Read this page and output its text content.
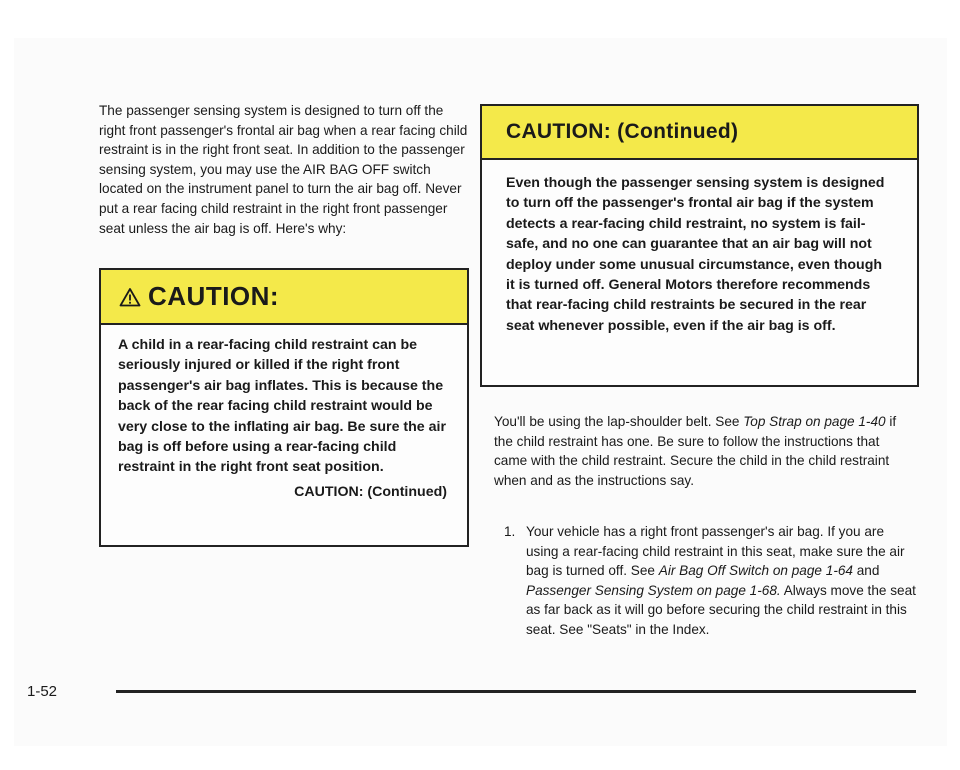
The passenger sensing system is designed to turn off the right front passenger's frontal air bag when a rear facing child restraint is in the right front seat. In addition to the passenger sensing system, you may use the AIR BAG OFF switch located on the instrument panel to turn the air bag off. Never put a rear facing child restraint in the right front passenger seat unless the air bag is off. Here's why:

CAUTION:

A child in a rear-facing child restraint can be seriously injured or killed if the right front passenger's air bag inflates. This is because the back of the rear facing child restraint would be very close to the inflating air bag. Be sure the air bag is off before using a rear-facing child restraint in the right front seat position.

CAUTION: (Continued)

CAUTION: (Continued)

Even though the passenger sensing system is designed to turn off the passenger's frontal air bag if the system detects a rear-facing child restraint, no system is fail-safe, and no one can guarantee that an air bag will not deploy under some unusual circumstance, even though it is turned off. General Motors therefore recommends that rear-facing child restraints be secured in the rear seat whenever possible, even if the air bag is off.

You'll be using the lap-shoulder belt. See Top Strap on page 1-40 if the child restraint has one. Be sure to follow the instructions that came with the child restraint. Secure the child in the child restraint when and as the instructions say.

1. Your vehicle has a right front passenger's air bag. If you are using a rear-facing child restraint in this seat, make sure the air bag is turned off. See Air Bag Off Switch on page 1-64 and Passenger Sensing System on page 1-68. Always move the seat as far back as it will go before securing the child restraint in this seat. See "Seats" in the Index.
1-52
